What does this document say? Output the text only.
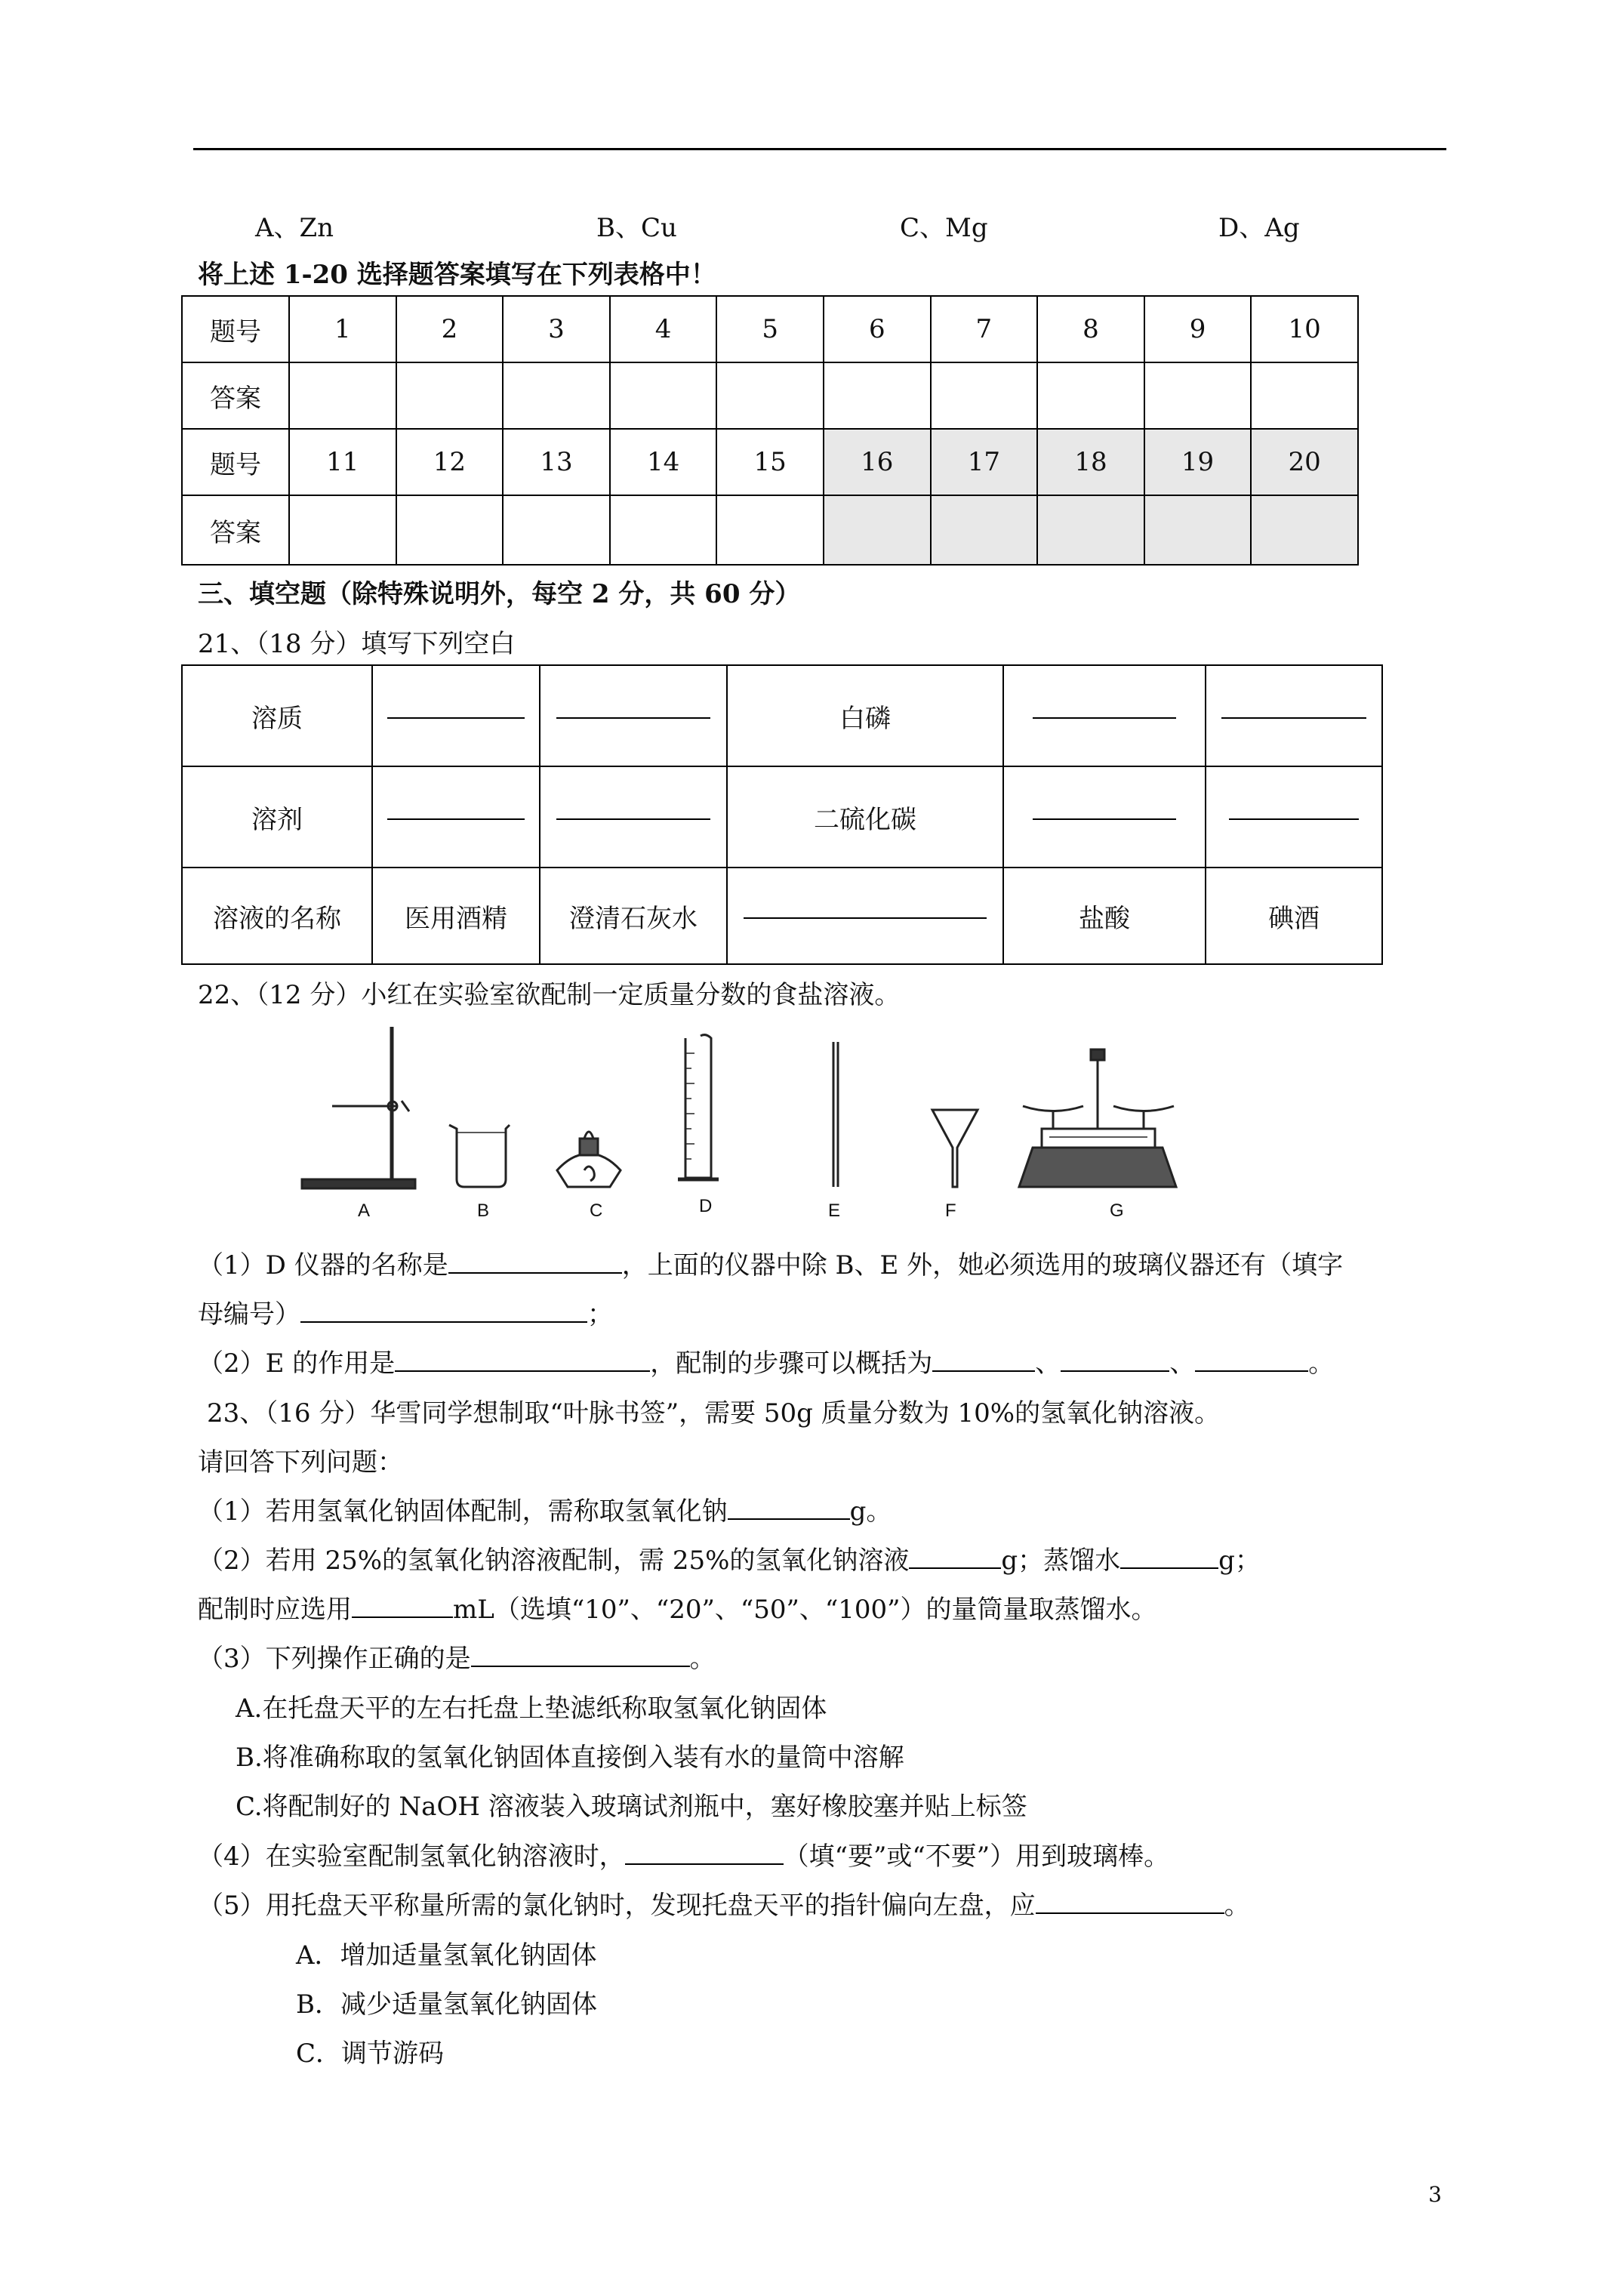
A、Zn	B、Cu	C、Mg	D、Ag
将上述 1-20 选择题答案填写在下列表格中！
题号	1	2	3	4	5	6	7	8	9	10
答案										
题号	11	12	13	14	15	16	17	18	19	20
答案										
三、填空题（除特殊说明外，每空 2 分，共 60 分）
21、（18 分）填写下列空白
溶质			白磷		
溶剂			二硫化碳		
溶液的名称	医用酒精	澄清石灰水		盐酸	碘酒
22、（12 分）小红在实验室欲配制一定质量分数的食盐溶液。
A	B	C	D	E	F	G
（1）D 仪器的名称是	，上面的仪器中除 B、E 外，她必须选用的玻璃仪器还有（填字
母编号）	；
（2）E 的作用是	，配制的步骤可以概括为	、	、	。
23、（16 分）华雪同学想制取“叶脉书签”，需要 50g 质量分数为 10%的氢氧化钠溶液。
请回答下列问题：
（1）若用氢氧化钠固体配制，需称取氢氧化钠	g。
（2）若用 25%的氢氧化钠溶液配制，需 25%的氢氧化钠溶液	g；蒸馏水	g；
配制时应选用	mL（选填“10”、“20”、“50”、“100”）的量筒量取蒸馏水。
（3）下列操作正确的是	。
A.在托盘天平的左右托盘上垫滤纸称取氢氧化钠固体
B.将准确称取的氢氧化钠固体直接倒入装有水的量筒中溶解
C.将配制好的 NaOH 溶液装入玻璃试剂瓶中，塞好橡胶塞并贴上标签
（4）在实验室配制氢氧化钠溶液时，	（填“要”或“不要”）用到玻璃棒。
（5）用托盘天平称量所需的氯化钠时，发现托盘天平的指针偏向左盘，应	。
A．增加适量氢氧化钠固体
B．减少适量氢氧化钠固体
C．调节游码
3
